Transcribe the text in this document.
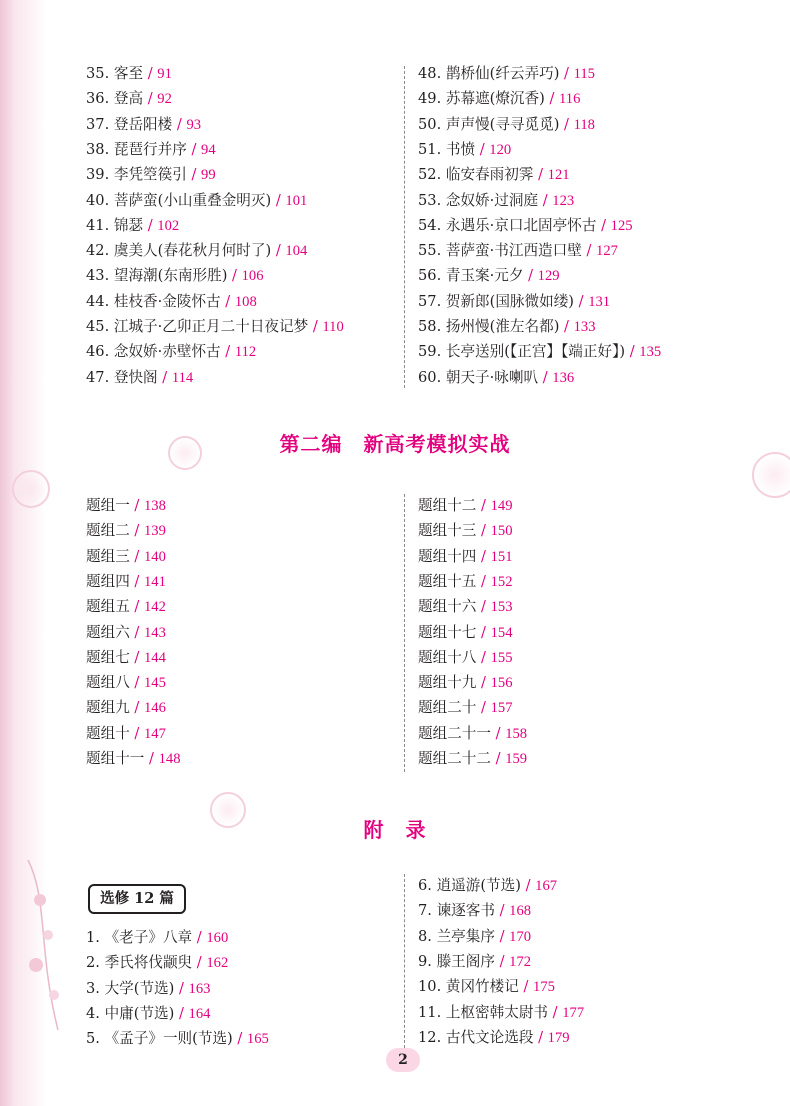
35. 客至 / 91
36. 登高 / 92
37. 登岳阳楼 / 93
38. 琵琶行并序 / 94
39. 李凭箜篌引 / 99
40. 菩萨蛮(小山重叠金明灭) / 101
41. 锦瑟 / 102
42. 虞美人(春花秋月何时了) / 104
43. 望海潮(东南形胜) / 106
44. 桂枝香·金陵怀古 / 108
45. 江城子·乙卯正月二十日夜记梦 / 110
46. 念奴娇·赤壁怀古 / 112
47. 登快阁 / 114
48. 鹊桥仙(纤云弄巧) / 115
49. 苏幕遮(燎沉香) / 116
50. 声声慢(寻寻觅觅) / 118
51. 书愤 / 120
52. 临安春雨初霁 / 121
53. 念奴娇·过洞庭 / 123
54. 永遇乐·京口北固亭怀古 / 125
55. 菩萨蛮·书江西造口壁 / 127
56. 青玉案·元夕 / 129
57. 贺新郎(国脉微如缕) / 131
58. 扬州慢(淮左名都) / 133
59. 长亭送别(【正宫】【端正好】) / 135
60. 朝天子·咏喇叭 / 136
第二编　新高考模拟实战
题组一 / 138
题组二 / 139
题组三 / 140
题组四 / 141
题组五 / 142
题组六 / 143
题组七 / 144
题组八 / 145
题组九 / 146
题组十 / 147
题组十一 / 148
题组十二 / 149
题组十三 / 150
题组十四 / 151
题组十五 / 152
题组十六 / 153
题组十七 / 154
题组十八 / 155
题组十九 / 156
题组二十 / 157
题组二十一 / 158
题组二十二 / 159
附　录
选修 12 篇
1. 《老子》八章 / 160
2. 季氏将伐颛臾 / 162
3. 大学(节选) / 163
4. 中庸(节选) / 164
5. 《孟子》一则(节选) / 165
6. 逍遥游(节选) / 167
7. 谏逐客书 / 168
8. 兰亭集序 / 170
9. 滕王阁序 / 172
10. 黄冈竹楼记 / 175
11. 上枢密韩太尉书 / 177
12. 古代文论选段 / 179
2
